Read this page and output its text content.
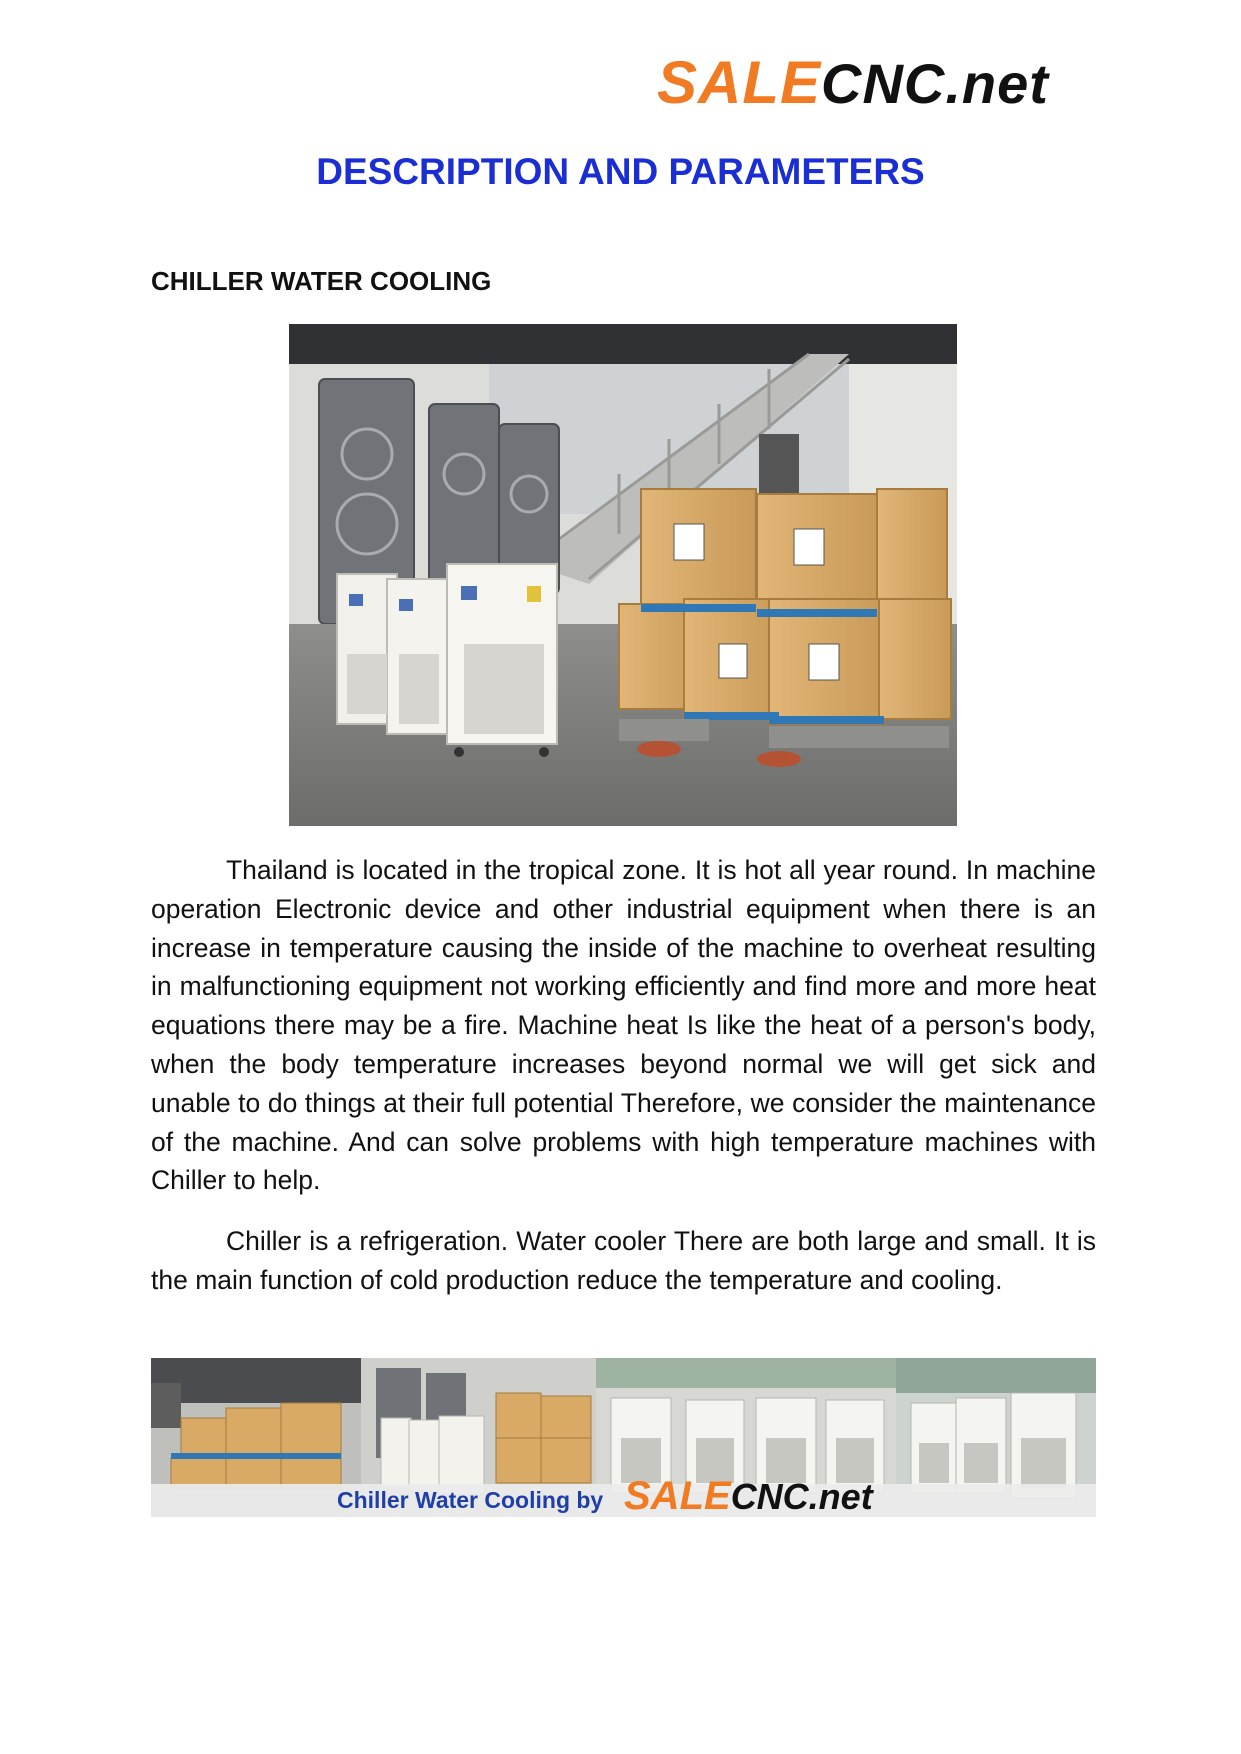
SALECNC.net
DESCRIPTION AND PARAMETERS
CHILLER WATER COOLING

Thailand is located in the tropical zone. It is hot all year round. In machine operation Electronic device and other industrial equipment when there is an increase in temperature causing the inside of the machine to overheat resulting in malfunctioning equipment not working efficiently and find more and more heat equations there may be a fire. Machine heat Is like the heat of a person's body, when the body temperature increases beyond normal we will get sick and unable to do things at their full potential Therefore, we consider the maintenance of the machine. And can solve problems with high temperature machines with Chiller to help.

Chiller is a refrigeration. Water cooler There are both large and small. It is the main function of cold production reduce the temperature and cooling.

Chiller Water Cooling by SALECNC.net
